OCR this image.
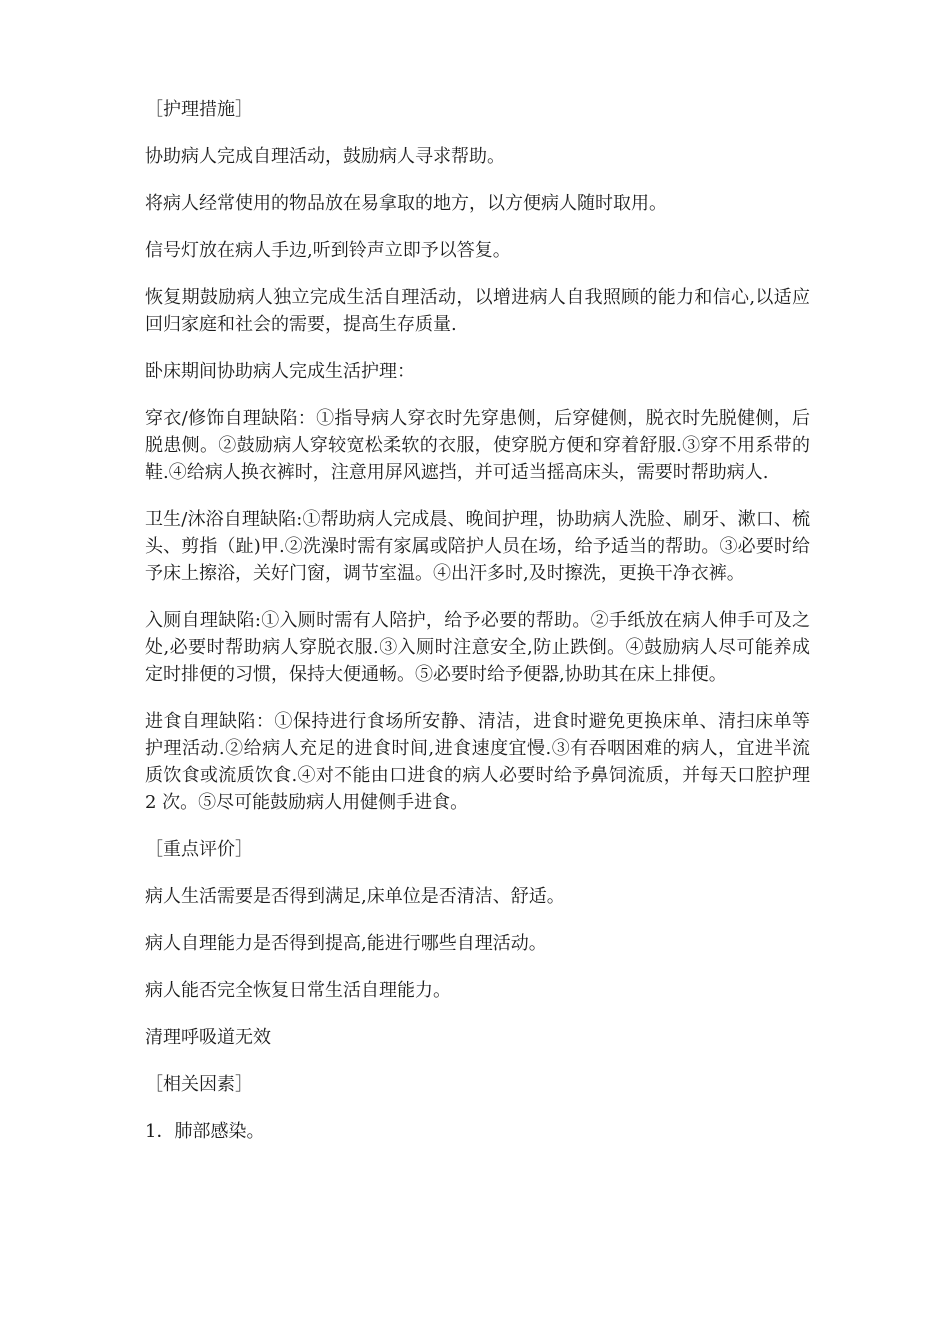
［护理措施］

协助病人完成自理活动，鼓励病人寻求帮助。

将病人经常使用的物品放在易拿取的地方，以方便病人随时取用。

信号灯放在病人手边,听到铃声立即予以答复。

恢复期鼓励病人独立完成生活自理活动，以增进病人自我照顾的能力和信心,以适应回归家庭和社会的需要，提高生存质量.

卧床期间协助病人完成生活护理：

穿衣/修饰自理缺陷：①指导病人穿衣时先穿患侧，后穿健侧，脱衣时先脱健侧，后脱患侧。②鼓励病人穿较宽松柔软的衣服，使穿脱方便和穿着舒服.③穿不用系带的鞋.④给病人换衣裤时，注意用屏风遮挡，并可适当摇高床头，需要时帮助病人.

卫生/沐浴自理缺陷:①帮助病人完成晨、晚间护理，协助病人洗脸、刷牙、漱口、梳头、剪指（趾)甲.②洗澡时需有家属或陪护人员在场，给予适当的帮助。③必要时给予床上擦浴，关好门窗，调节室温。④出汗多时,及时擦洗，更换干净衣裤。

入厕自理缺陷:①入厕时需有人陪护，给予必要的帮助。②手纸放在病人伸手可及之处,必要时帮助病人穿脱衣服.③入厕时注意安全,防止跌倒。④鼓励病人尽可能养成定时排便的习惯，保持大便通畅。⑤必要时给予便器,协助其在床上排便。

进食自理缺陷：①保持进行食场所安静、清洁，进食时避免更换床单、清扫床单等护理活动.②给病人充足的进食时间,进食速度宜慢.③有吞咽困难的病人，宜进半流质饮食或流质饮食.④对不能由口进食的病人必要时给予鼻饲流质，并每天口腔护理 2 次。⑤尽可能鼓励病人用健侧手进食。

［重点评价］

病人生活需要是否得到满足,床单位是否清洁、舒适。

病人自理能力是否得到提高,能进行哪些自理活动。

病人能否完全恢复日常生活自理能力。

清理呼吸道无效

［相关因素］

1．肺部感染。
